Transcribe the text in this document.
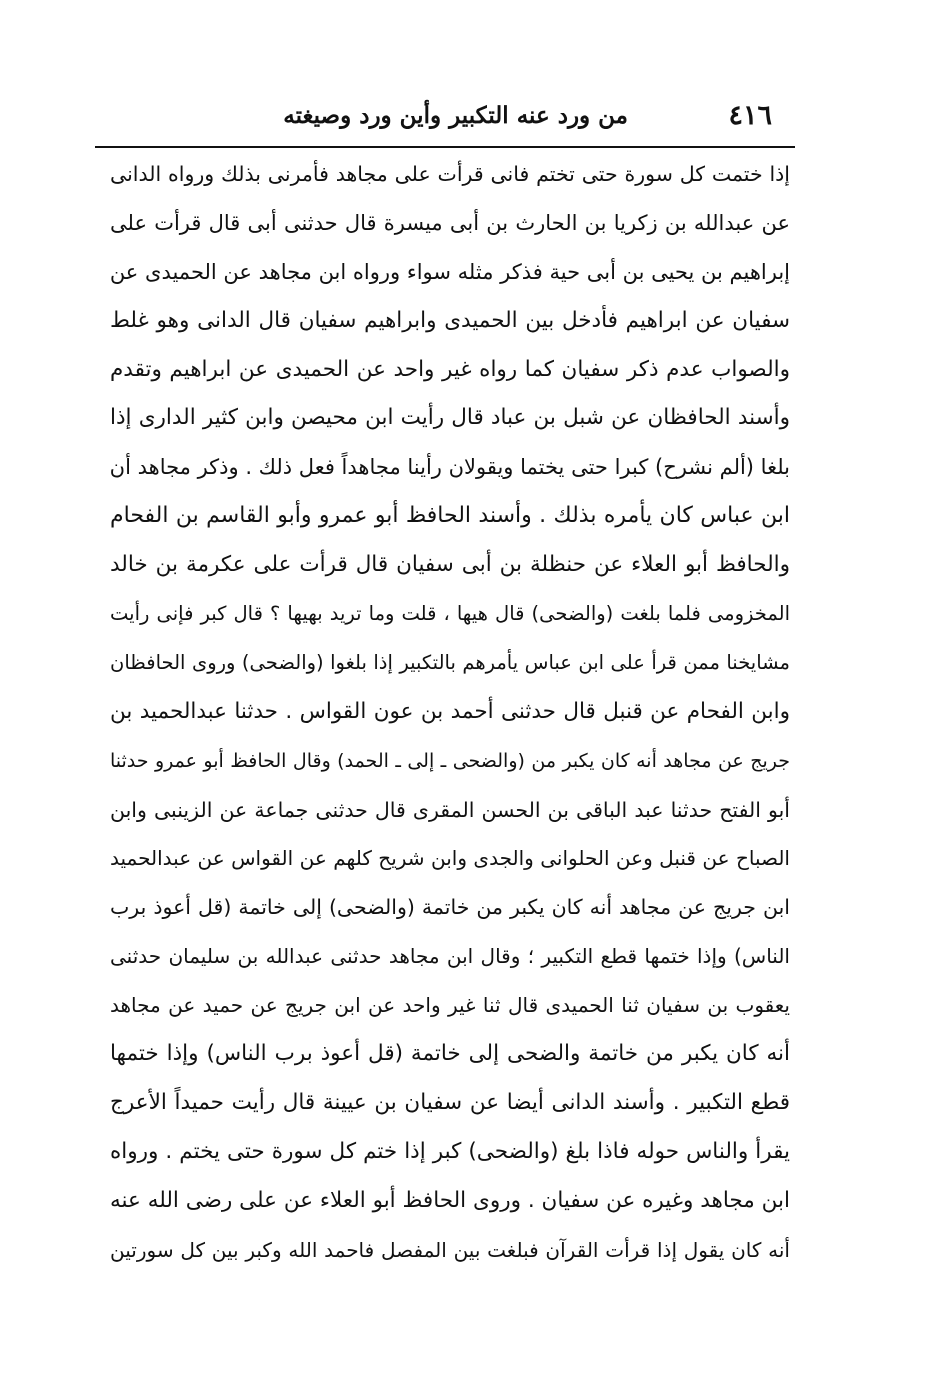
٤١٦
من ورد عنه التكبير وأين ورد وصيغته
إذا ختمت كل سورة حتى تختم فانى قرأت على مجاهد فأمرنى بذلك ورواه الدانى
عن عبدالله بن زكريا بن الحارث بن أبى ميسرة قال حدثنى أبى قال قرأت على
إبراهيم بن يحيى بن أبى حية فذكر مثله سواء ورواه ابن مجاهد عن الحميدى عن
سفيان عن ابراهيم فأدخل بين الحميدى وابراهيم سفيان قال الدانى وهو غلط
والصواب عدم ذكر سفيان كما رواه غير واحد عن الحميدى عن ابراهيم وتقدم
وأسند الحافظان عن شبل بن عباد قال رأيت ابن محيصن وابن كثير الدارى إذا
بلغا (ألم نشرح) كبرا حتى يختما ويقولان رأينا مجاهداً فعل ذلك . وذكر مجاهد أن
ابن عباس كان يأمره بذلك . وأسند الحافظ أبو عمرو وأبو القاسم بن الفحام
والحافظ أبو العلاء عن حنظلة بن أبى سفيان قال قرأت على عكرمة بن خالد
المخزومى فلما بلغت (والضحى) قال هيها ، قلت وما تريد بهيها ؟ قال كبر فإنى رأيت
مشايخنا ممن قرأ على ابن عباس يأمرهم بالتكبير إذا بلغوا (والضحى) وروى الحافظان
وابن الفحام عن قنبل قال حدثنى أحمد بن عون القواس . حدثنا عبدالحميد بن
جريج عن مجاهد أنه كان يكبر من (والضحى ـ إلى ـ الحمد) وقال الحافظ أبو عمرو حدثنا
أبو الفتح حدثنا عبد الباقى بن الحسن المقرى قال حدثنى جماعة عن الزينبى وابن
الصباح عن قنبل وعن الحلوانى والجدى وابن شريح كلهم عن القواس عن عبدالحميد
ابن جريج عن مجاهد أنه كان يكبر من خاتمة (والضحى) إلى خاتمة (قل أعوذ برب
الناس) وإذا ختمها قطع التكبير ؛ وقال ابن مجاهد حدثنى عبدالله بن سليمان حدثنى
يعقوب بن سفيان ثنا الحميدى قال ثنا غير واحد عن ابن جريج عن حميد عن مجاهد
أنه كان يكبر من خاتمة والضحى إلى خاتمة (قل أعوذ برب الناس) وإذا ختمها
قطع التكبير . وأسند الدانى أيضا عن سفيان بن عيينة قال رأيت حميداً الأعرج
يقرأ والناس حوله فاذا بلغ (والضحى) كبر إذا ختم كل سورة حتى يختم . ورواه
ابن مجاهد وغيره عن سفيان . وروى الحافظ أبو العلاء عن على رضى الله عنه
أنه كان يقول إذا قرأت القرآن فبلغت بين المفصل فاحمد الله وكبر بين كل سورتين
